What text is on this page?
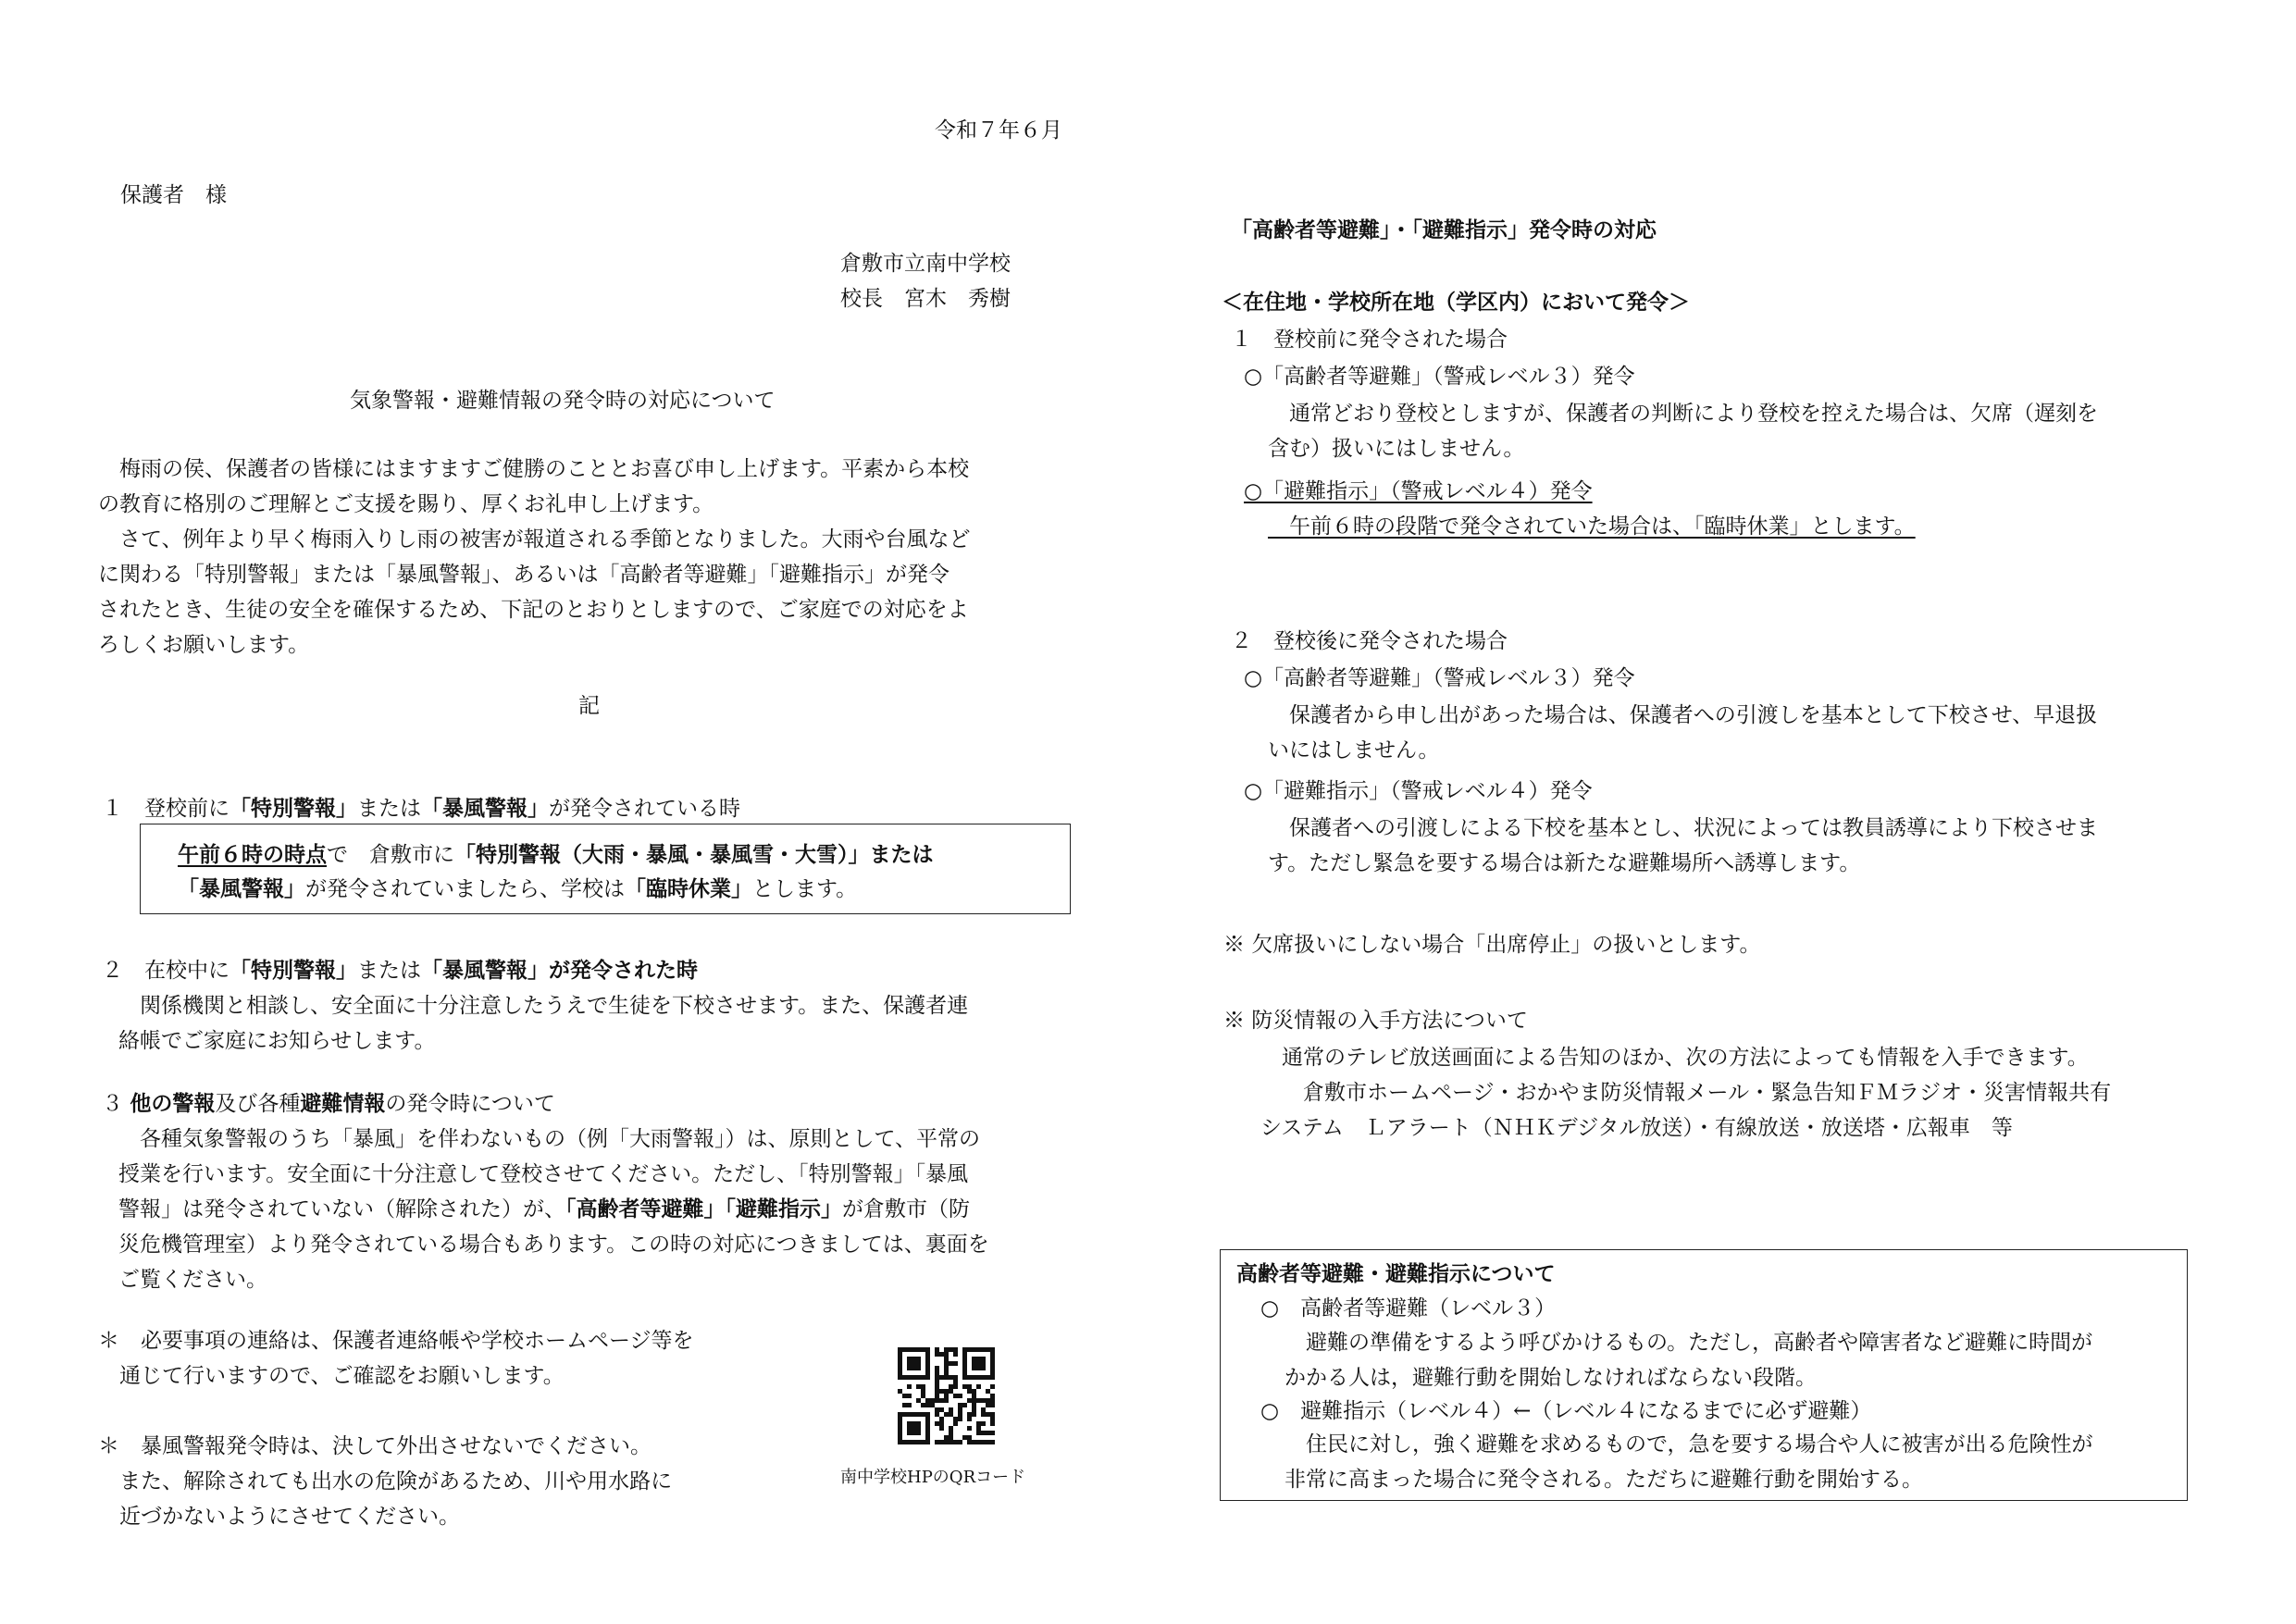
令和７年６月
保護者　様
倉敷市立南中学校
校長　宮木　秀樹
気象警報・避難情報の発令時の対応について
　梅雨の侯、保護者の皆様にはますますご健勝のこととお喜び申し上げます。平素から本校
の教育に格別のご理解とご支援を賜り、厚くお礼申し上げます。
　さて、例年より早く梅雨入りし雨の被害が報道される季節となりました。大雨や台風など
に関わる「特別警報」または「暴風警報」、あるいは「高齢者等避難」「避難指示」が発令
されたとき、生徒の安全を確保するため、下記のとおりとしますので、ご家庭での対応をよ
ろしくお願いします。
記
１　登校前に「特別警報」または「暴風警報」が発令されている時
午前６時の時点で　倉敷市に「特別警報（大雨・暴風・暴風雪・大雪）」または
「暴風警報」が発令されていましたら、学校は「臨時休業」とします。
２　在校中に「特別警報」または「暴風警報」が発令された時
　関係機関と相談し、安全面に十分注意したうえで生徒を下校させます。また、保護者連
絡帳でご家庭にお知らせします。
３ 他の警報及び各種避難情報の発令時について
　各種気象警報のうち「暴風」を伴わないもの（例「大雨警報」）は、原則として、平常の
授業を行います。安全面に十分注意して登校させてください。ただし、「特別警報」「暴風
警報」は発令されていない（解除された）が、「高齢者等避難」「避難指示」が倉敷市（防
災危機管理室）より発令されている場合もあります。この時の対応につきましては、裏面を
ご覧ください。
＊　必要事項の連絡は、保護者連絡帳や学校ホームページ等を
　通じて行いますので、ご確認をお願いします。
＊　暴風警報発令時は、決して外出させないでください。
　また、解除されても出水の危険があるため、川や用水路に
　近づかないようにさせてください。
南中学校HPのQRコード
「高齢者等避難」・「避難指示」発令時の対応
＜在住地・学校所在地（学区内）において発令＞
１　登校前に発令された場合
○「高齢者等避難」（警戒レベル３）発令
　通常どおり登校としますが、保護者の判断により登校を控えた場合は、欠席（遅刻を
含む）扱いにはしません。
○「避難指示」（警戒レベル４）発令
　午前６時の段階で発令されていた場合は、「臨時休業」とします。
２　登校後に発令された場合
○「高齢者等避難」（警戒レベル３）発令
　保護者から申し出があった場合は、保護者への引渡しを基本として下校させ、早退扱
いにはしません。
○「避難指示」（警戒レベル４）発令
　保護者への引渡しによる下校を基本とし、状況によっては教員誘導により下校させま
す。ただし緊急を要する場合は新たな避難場所へ誘導します。
※ 欠席扱いにしない場合「出席停止」の扱いとします。
※ 防災情報の入手方法について
　通常のテレビ放送画面による告知のほか、次の方法によっても情報を入手できます。
　　倉敷市ホームページ・おかやま防災情報メール・緊急告知ＦＭラジオ・災害情報共有
システム　Ｌアラート（ＮＨＫデジタル放送）・有線放送・放送塔・広報車　等
高齢者等避難・避難指示について
○　高齢者等避難（レベル３）
　避難の準備をするよう呼びかけるもの。ただし，高齢者や障害者など避難に時間が
かかる人は，避難行動を開始しなければならない段階。
○　避難指示（レベル４）←（レベル４になるまでに必ず避難）
　住民に対し，強く避難を求めるもので，急を要する場合や人に被害が出る危険性が
非常に高まった場合に発令される。ただちに避難行動を開始する。
